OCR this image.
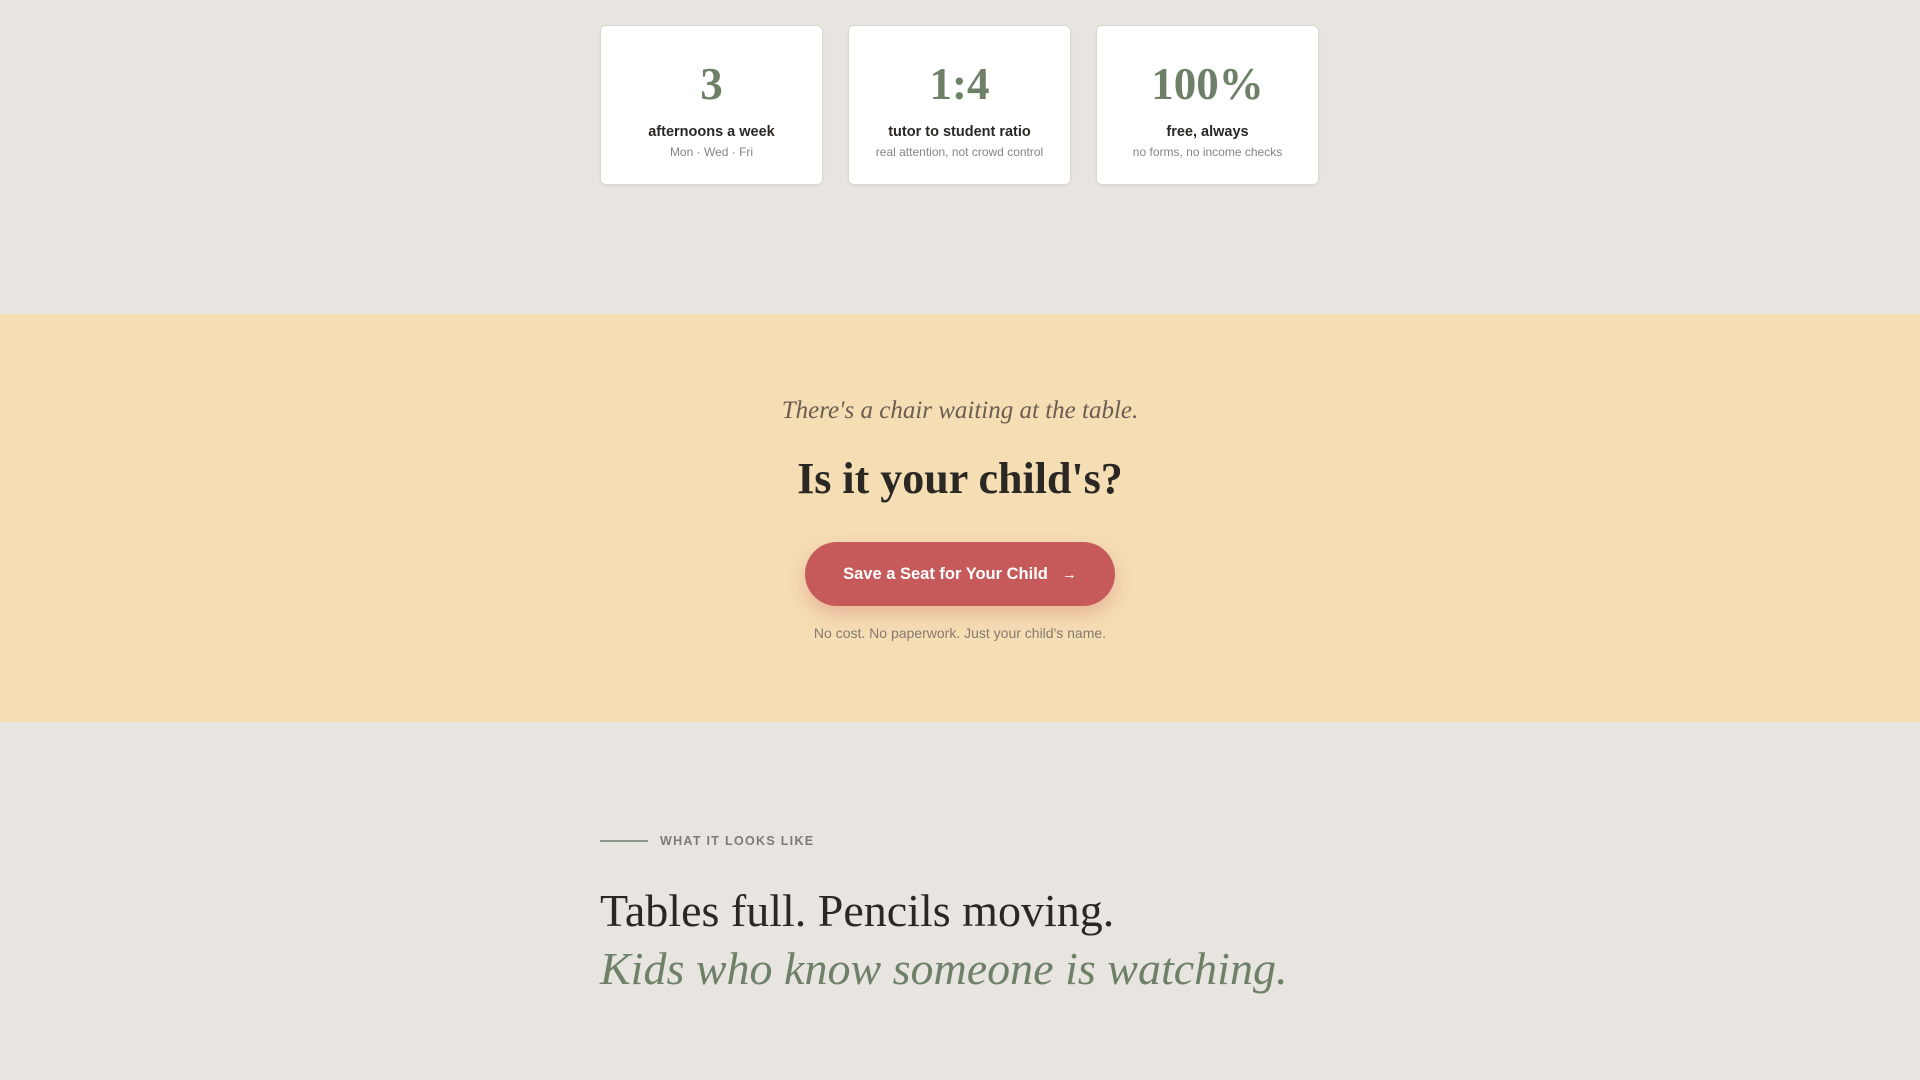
3
afternoons a week
Mon · Wed · Fri
1:4
tutor to student ratio
real attention, not crowd control
100%
free, always
no forms, no income checks
There's a chair waiting at the table.
Is it your child's?
Save a Seat for Your Child →
No cost. No paperwork. Just your child's name.
WHAT IT LOOKS LIKE
Tables full. Pencils moving.
Kids who know someone is watching.
